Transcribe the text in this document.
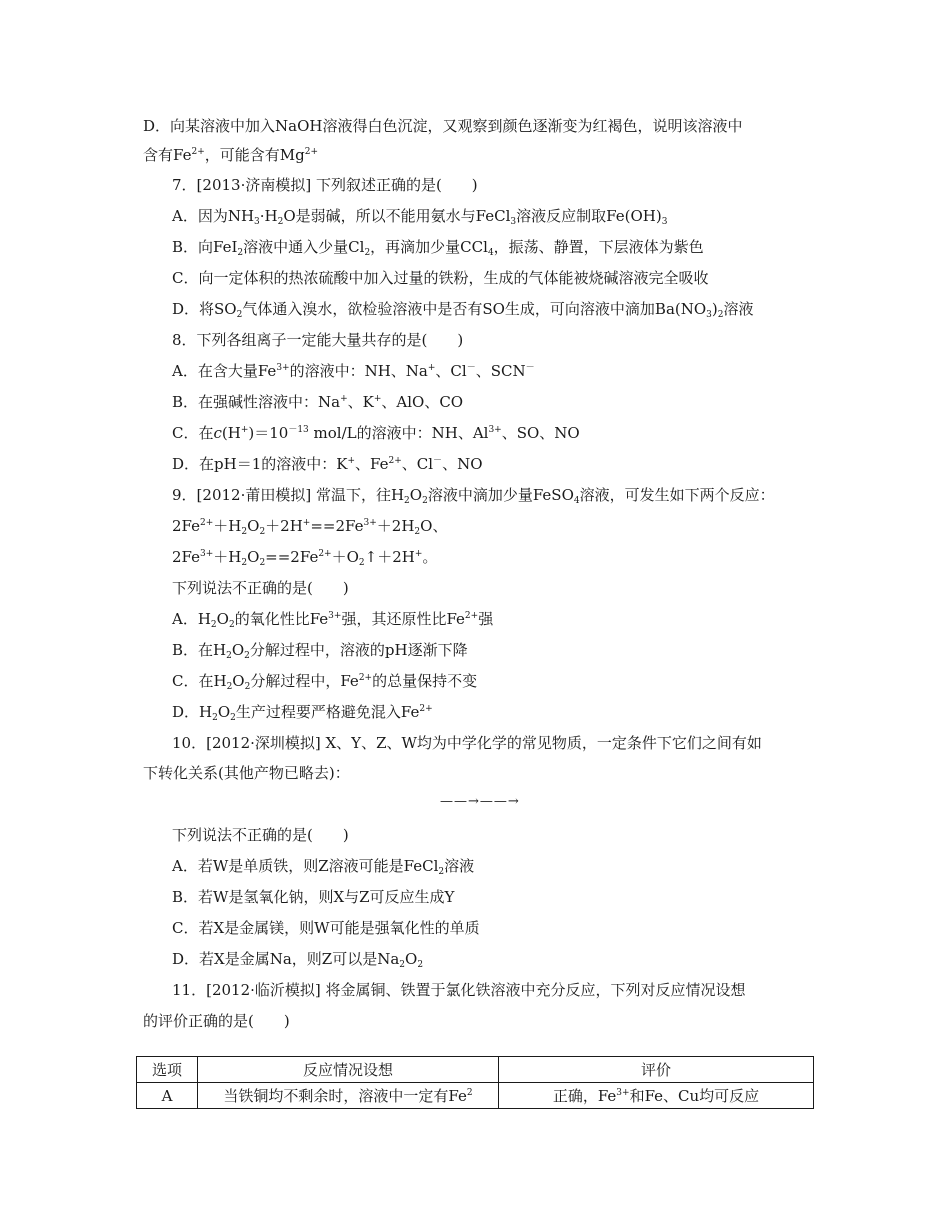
D．向某溶液中加入NaOH溶液得白色沉淀，又观察到颜色逐渐变为红褐色，说明该溶液中
含有$Fe^{2+}$，可能含有$Mg^{2+}$
7．[2013·济南模拟] 下列叙述正确的是(　　)
A．因为$NH_3\cdot H_2O$是弱碱，所以不能用氨水与FeCl$_3$溶液反应制取$Fe(OH)_3$
B．向FeI$_2$溶液中通入少量$Cl_2$，再滴加少量CCl$_4$，振荡、静置，下层液体为紫色
C．向一定体积的热浓硫酸中加入过量的铁粉，生成的气体能被烧碱溶液完全吸收
D．将$SO_2$气体通入溴水，欲检验溶液中是否有SO生成，可向溶液中滴加$Ba(NO_3)_2$溶液
8．下列各组离子一定能大量共存的是(　　)
A．在含大量$Fe^{3+}$的溶液中：NH、Na+、Cl－、SCN－
B．在强碱性溶液中：Na+、K+、AlO、CO
C．在$c(H^+)=10^{-13}$ mol/L的溶液中：NH、$Al^{3+}$、SO、NO
D．在pH＝1的溶液中：K+、$Fe^{2+}$、Cl－、NO
9．[2012·莆田模拟] 常温下，往$H_2O_2$溶液中滴加少量FeSO$_4$溶液，可发生如下两个反应：
$2Fe^{2+}+H_2O_2+2H^+==2Fe^{3+}+2H_2O$、
$2Fe^{3+}+H_2O_2==2Fe^{2+}+O_2↑+2H^+$。
下列说法不正确的是(　　)
A．$H_2O_2$的氧化性比$Fe^{3+}$强，其还原性比$Fe^{2+}$强
B．在$H_2O_2$分解过程中，溶液的pH逐渐下降
C．在$H_2O_2$分解过程中，$Fe^{2+}$的总量保持不变
D．$H_2O_2$生产过程要严格避免混入$Fe^{2+}$
10．[2012·深圳模拟] X、Y、Z、W均为中学化学的常见物质，一定条件下它们之间有如
下转化关系(其他产物已略去)：
——→——→
下列说法不正确的是(　　)
A．若W是单质铁，则Z溶液可能是FeCl$_2$溶液
B．若W是氢氧化钠，则X与Z可反应生成Y
C．若X是金属镁，则W可能是强氧化性的单质
D．若X是金属Na，则Z可以是$Na_2O_2$
11．[2012·临沂模拟] 将金属铜、铁置于氯化铁溶液中充分反应，下列对反应情况设想
的评价正确的是(　　)
选项	反应情况设想	评价
A	当铁铜均不剩余时，溶液中一定有Fe$^2$	正确，$Fe^{3+}$和Fe、Cu均可反应
